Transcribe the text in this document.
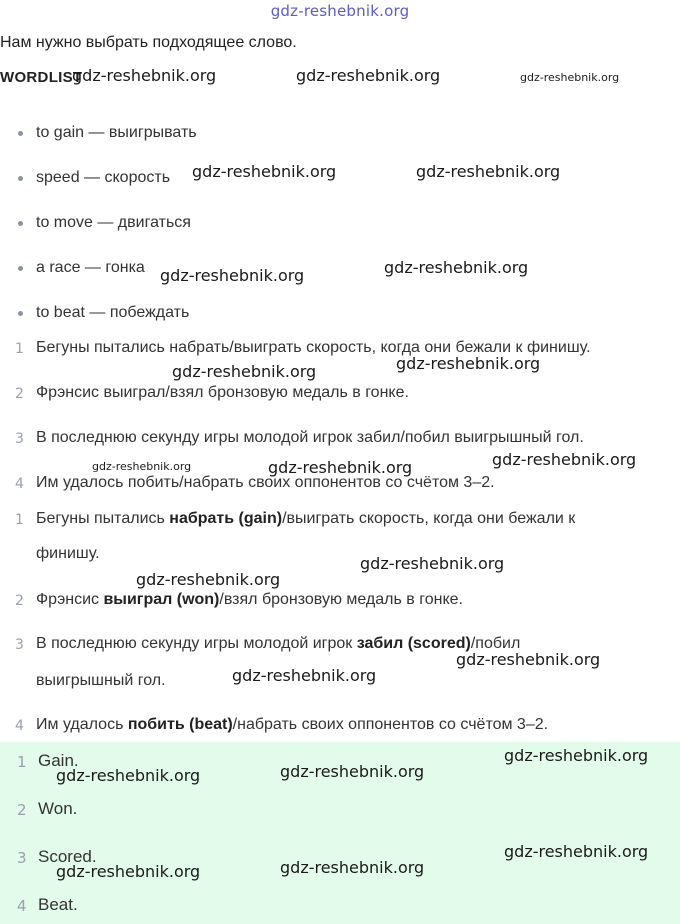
gdz-reshebnik.org
Нам нужно выбрать подходящее слово.
WORDLIST
to gain — выигрывать
speed — скорость
to move — двигаться
a race — гонка
to beat — побеждать
1 Бегуны пытались набрать/выиграть скорость, когда они бежали к финишу.
2 Фрэнсис выиграл/взял бронзовую медаль в гонке.
3 В последнюю секунду игры молодой игрок забил/побил выигрышный гол.
4 Им удалось побить/набрать своих оппонентов со счётом 3–2.
1 Бегуны пытались набрать (gain)/выиграть скорость, когда они бежали к
финишу.
2 Фрэнсис выиграл (won)/взял бронзовую медаль в гонке.
3 В последнюю секунду игры молодой игрок забил (scored)/побил
выигрышный гол.
4 Им удалось побить (beat)/набрать своих оппонентов со счётом 3–2.
1 Gain.
2 Won.
3 Scored.
4 Beat.
gdz-reshebnik.org	gdz-reshebnik.org	gdz-reshebnik.org
gdz-reshebnik.org	gdz-reshebnik.org
gdz-reshebnik.org	gdz-reshebnik.org
gdz-reshebnik.org	gdz-reshebnik.org
gdz-reshebnik.org	gdz-reshebnik.org	gdz-reshebnik.org
gdz-reshebnik.org
gdz-reshebnik.org
gdz-reshebnik.org
gdz-reshebnik.org
gdz-reshebnik.org	gdz-reshebnik.org
gdz-reshebnik.org
gdz-reshebnik.org	gdz-reshebnik.org
gdz-reshebnik.org
